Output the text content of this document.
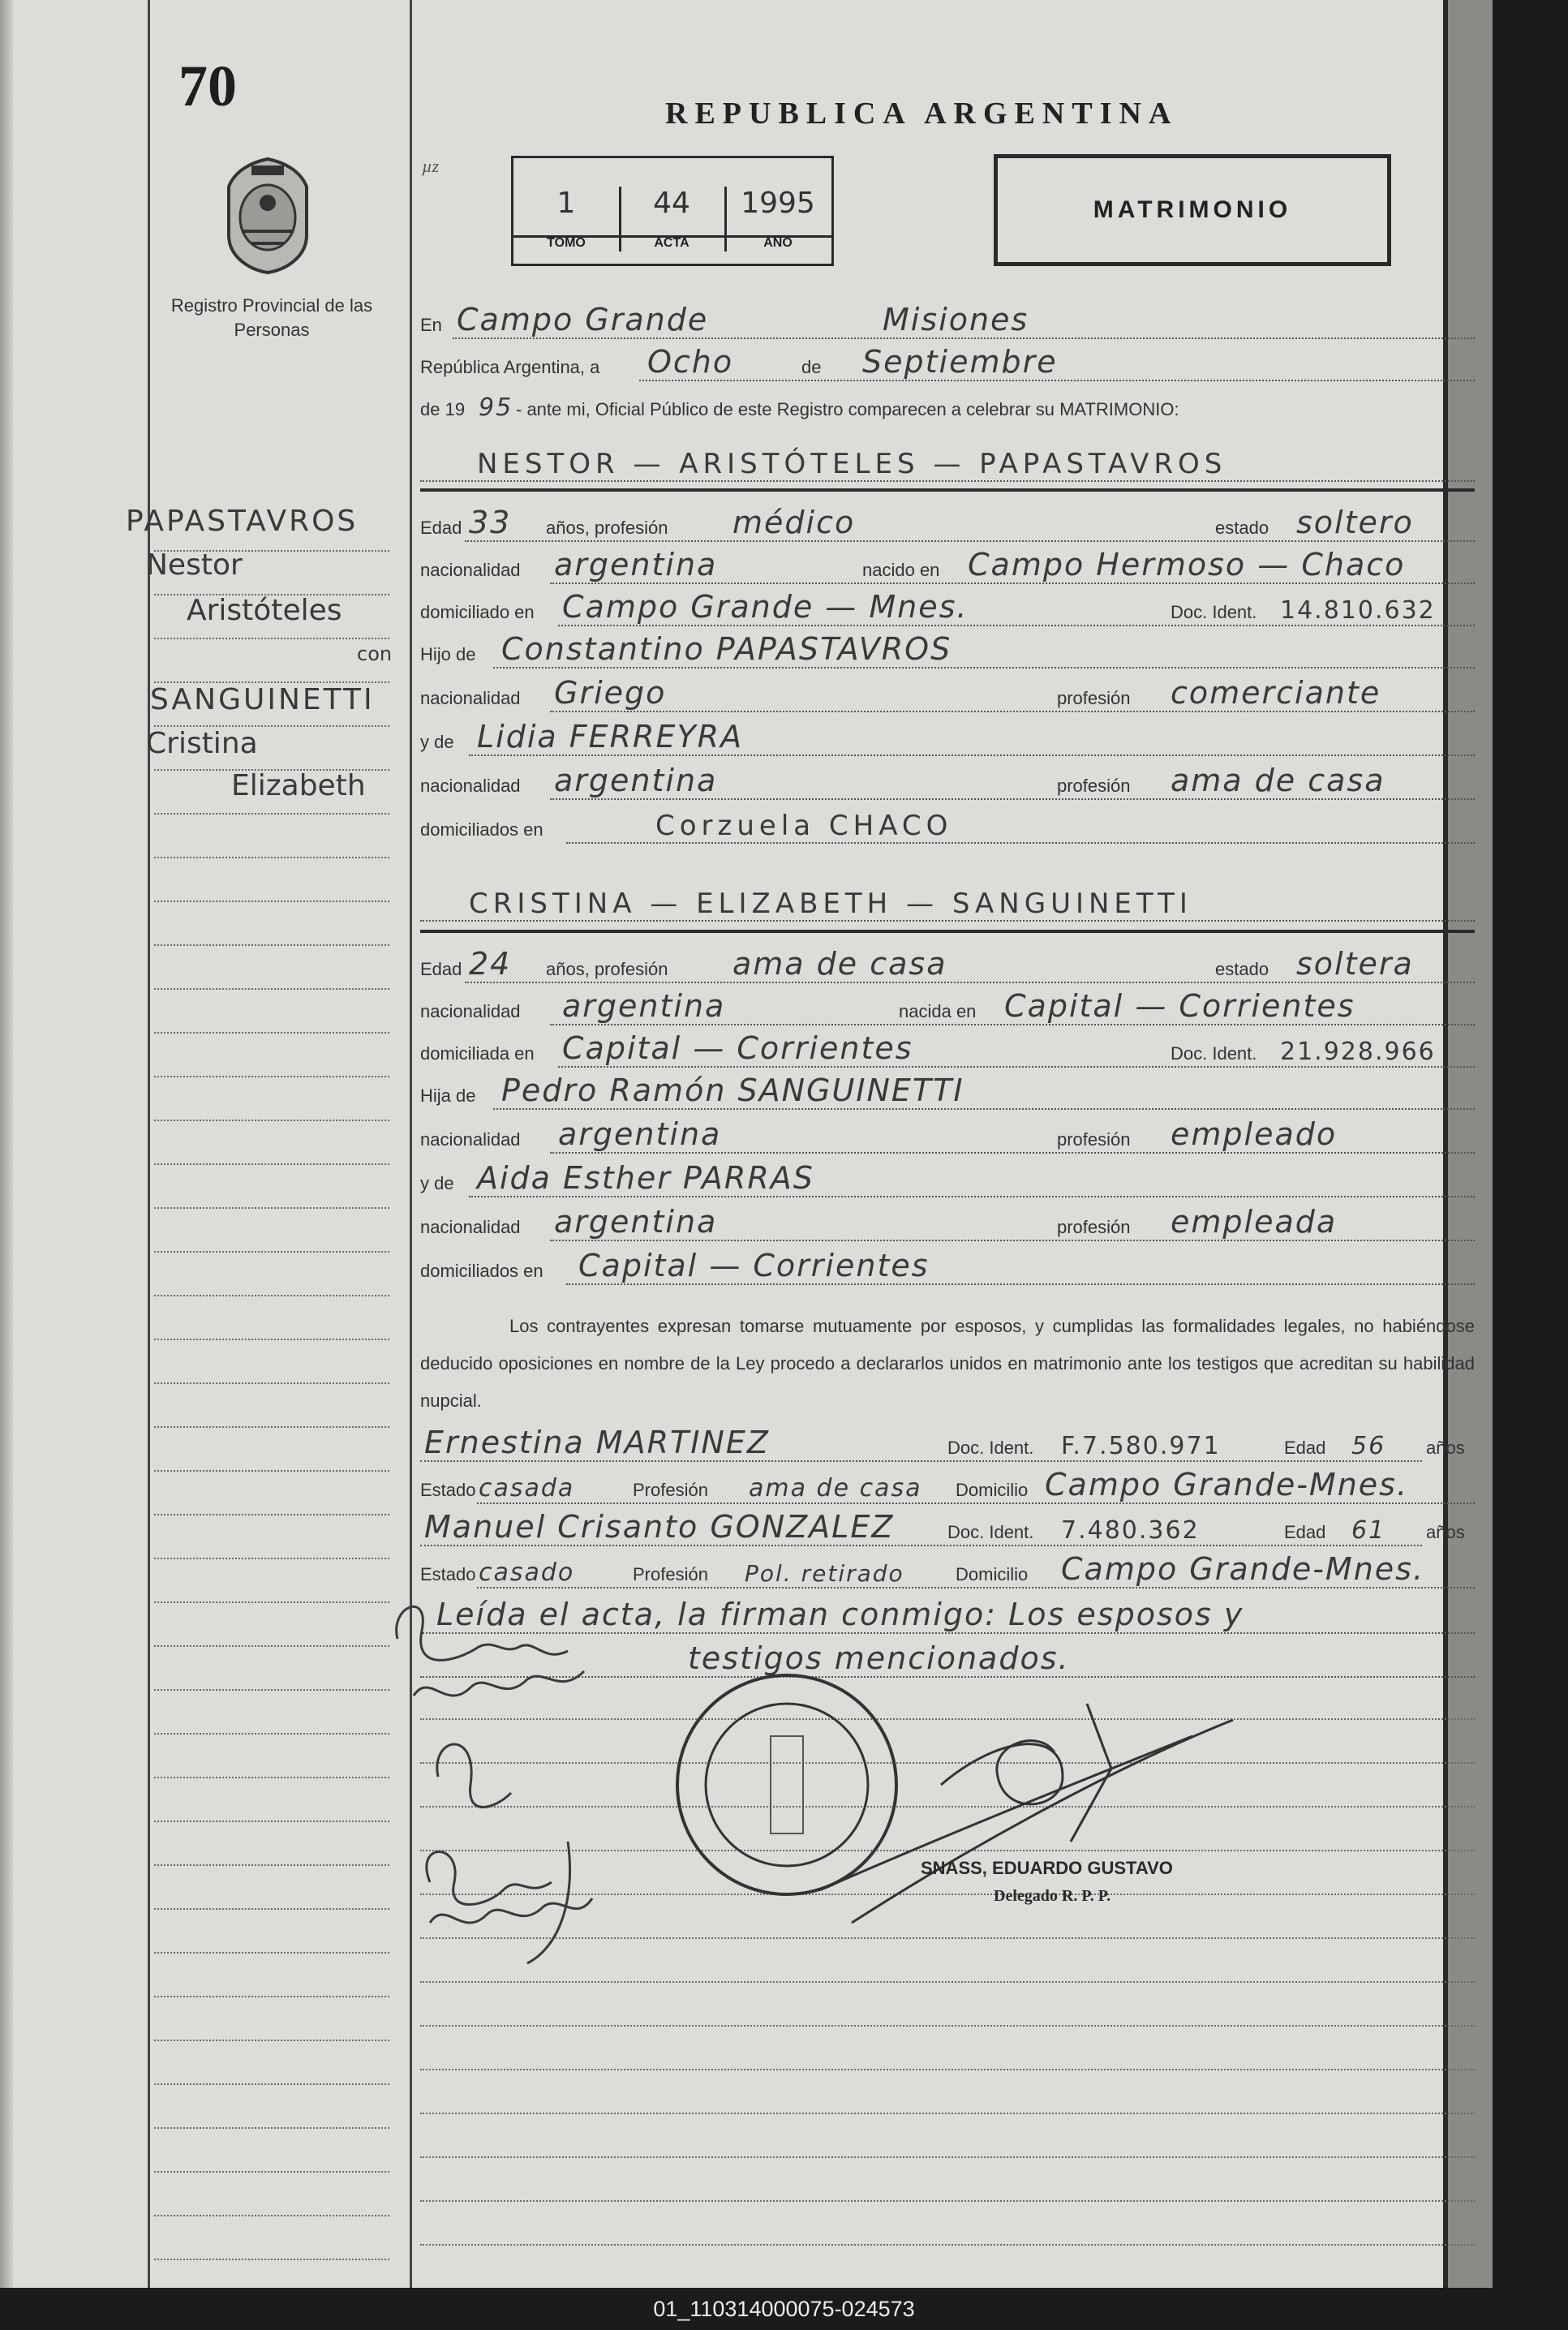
70
Registro Provincial de las Personas
REPUBLICA ARGENTINA
µz
1	44	1995
TOMO	ACTA	AÑO
MATRIMONIO
En Campo Grande	Misiones
República Argentina, a Ocho	de Septiembre
de 19 95 - ante mi, Oficial Público de este Registro comparecen a celebrar su MATRIMONIO:
NESTOR — ARISTÓTELES — PAPASTAVROS
Edad 33 años, profesión médico	estado soltero
nacionalidad argentina	nacido en Campo Hermoso — Chaco
domiciliado en Campo Grande — Mnes.	Doc. Ident. 14.810.632
Hijo de Constantino PAPASTAVROS
nacionalidad Griego	profesión comerciante
y de Lidia FERREYRA
nacionalidad argentina	profesión ama de casa
domiciliados en	Corzuela CHACO
CRISTINA — ELIZABETH — SANGUINETTI
Edad 24 años, profesión ama de casa	estado soltera
nacionalidad argentina	nacida en Capital — Corrientes
domiciliada en Capital — Corrientes	Doc. Ident. 21.928.966
Hija de Pedro Ramón SANGUINETTI
nacionalidad argentina	profesión empleado
y de Aida Esther PARRAS
nacionalidad argentina	profesión empleada
domiciliados en Capital — Corrientes
Los contrayentes expresan tomarse mutuamente por esposos, y cumplidas las formalidades legales, no habiéndose deducido oposiciones en nombre de la Ley procedo a declararlos unidos en matrimonio ante los testigos que acreditan su habilidad nupcial.
Ernestina MARTINEZ	Doc. Ident. F.7.580.971	Edad 56 años
Estado casada	Profesión ama de casa Domicilio Campo Grande-Mnes.
Manuel Crisanto GONZALEZ	Doc. Ident. 7.480.362	Edad 61 años
Estado casado	Profesión Pol. retirado	Domicilio Campo Grande-Mnes.
Leída el acta, la firman conmigo: Los esposos y
testigos mencionados.
PAPASTAVROS
Nestor
Aristóteles
con
SANGUINETTI
Cristina
Elizabeth
SNASS, EDUARDO GUSTAVO
Delegado R. P. P.
01_110314000075-024573
